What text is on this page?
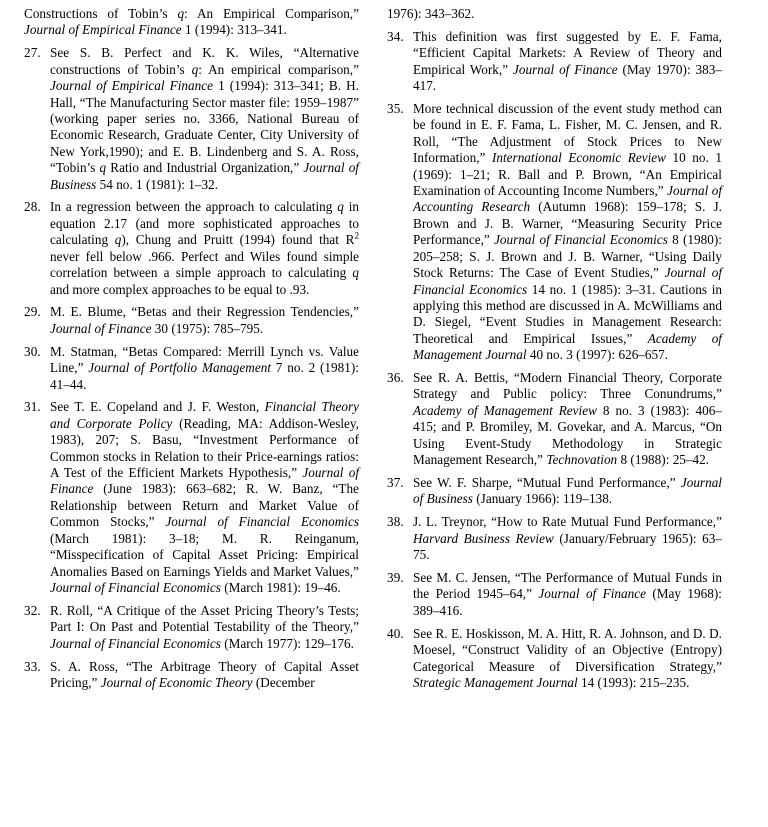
Constructions of Tobin’s q: An Empirical Comparison,” Journal of Empirical Finance 1 (1994): 313–341.
27. See S. B. Perfect and K. K. Wiles, “Alternative constructions of Tobin’s q: An empirical comparison,” Journal of Empirical Finance 1 (1994): 313–341; B. H. Hall, “The Manufacturing Sector master file: 1959–1987” (working paper series no. 3366, National Bureau of Economic Research, Graduate Center, City University of New York,1990); and E. B. Lindenberg and S. A. Ross, “Tobin’s q Ratio and Industrial Organization,” Journal of Business 54 no. 1 (1981): 1–32.
28. In a regression between the approach to calculating q in equation 2.17 (and more sophisticated approaches to calculating q), Chung and Pruitt (1994) found that $R^2$ never fell below .966. Perfect and Wiles found simple correlation between a simple approach to calculating q and more complex approaches to be equal to .93.
29. M. E. Blume, “Betas and their Regression Tendencies,” Journal of Finance 30 (1975): 785–795.
30. M. Statman, “Betas Compared: Merrill Lynch vs. Value Line,” Journal of Portfolio Management 7 no. 2 (1981): 41–44.
31. See T. E. Copeland and J. F. Weston, Financial Theory and Corporate Policy (Reading, MA: Addison-Wesley, 1983), 207; S. Basu, “Investment Performance of Common stocks in Relation to their Price-earnings ratios: A Test of the Efficient Markets Hypothesis,” Journal of Finance (June 1983): 663–682; R. W. Banz, “The Relationship between Return and Market Value of Common Stocks,” Journal of Financial Economics (March 1981): 3–18; M. R. Reinganum, “Misspecification of Capital Asset Pricing: Empirical Anomalies Based on Earnings Yields and Market Values,” Journal of Financial Economics (March 1981): 19–46.
32. R. Roll, “A Critique of the Asset Pricing Theory’s Tests; Part I: On Past and Potential Testability of the Theory,” Journal of Financial Economics (March 1977): 129–176.
33. S. A. Ross, “The Arbitrage Theory of Capital Asset Pricing,” Journal of Economic Theory (December
1976): 343–362.
34. This definition was first suggested by E. F. Fama, “Efficient Capital Markets: A Review of Theory and Empirical Work,” Journal of Finance (May 1970): 383–417.
35. More technical discussion of the event study method can be found in E. F. Fama, L. Fisher, M. C. Jensen, and R. Roll, “The Adjustment of Stock Prices to New Information,” International Economic Review 10 no. 1 (1969): 1–21; R. Ball and P. Brown, “An Empirical Examination of Accounting Income Numbers,” Journal of Accounting Research (Autumn 1968): 159–178; S. J. Brown and J. B. Warner, “Measuring Security Price Performance,” Journal of Financial Economics 8 (1980): 205–258; S. J. Brown and J. B. Warner, “Using Daily Stock Returns: The Case of Event Studies,” Journal of Financial Economics 14 no. 1 (1985): 3–31. Cautions in applying this method are discussed in A. McWilliams and D. Siegel, “Event Studies in Management Research: Theoretical and Empirical Issues,” Academy of Management Journal 40 no. 3 (1997): 626–657.
36. See R. A. Bettis, “Modern Financial Theory, Corporate Strategy and Public policy: Three Conundrums,” Academy of Management Review 8 no. 3 (1983): 406–415; and P. Bromiley, M. Govekar, and A. Marcus, “On Using Event-Study Methodology in Strategic Management Research,” Technovation 8 (1988): 25–42.
37. See W. F. Sharpe, “Mutual Fund Performance,” Journal of Business (January 1966): 119–138.
38. J. L. Treynor, “How to Rate Mutual Fund Performance,” Harvard Business Review (January/February 1965): 63–75.
39. See M. C. Jensen, “The Performance of Mutual Funds in the Period 1945–64,” Journal of Finance (May 1968): 389–416.
40. See R. E. Hoskisson, M. A. Hitt, R. A. Johnson, and D. D. Moesel, “Construct Validity of an Objective (Entropy) Categorical Measure of Diversification Strategy,” Strategic Management Journal 14 (1993): 215–235.
